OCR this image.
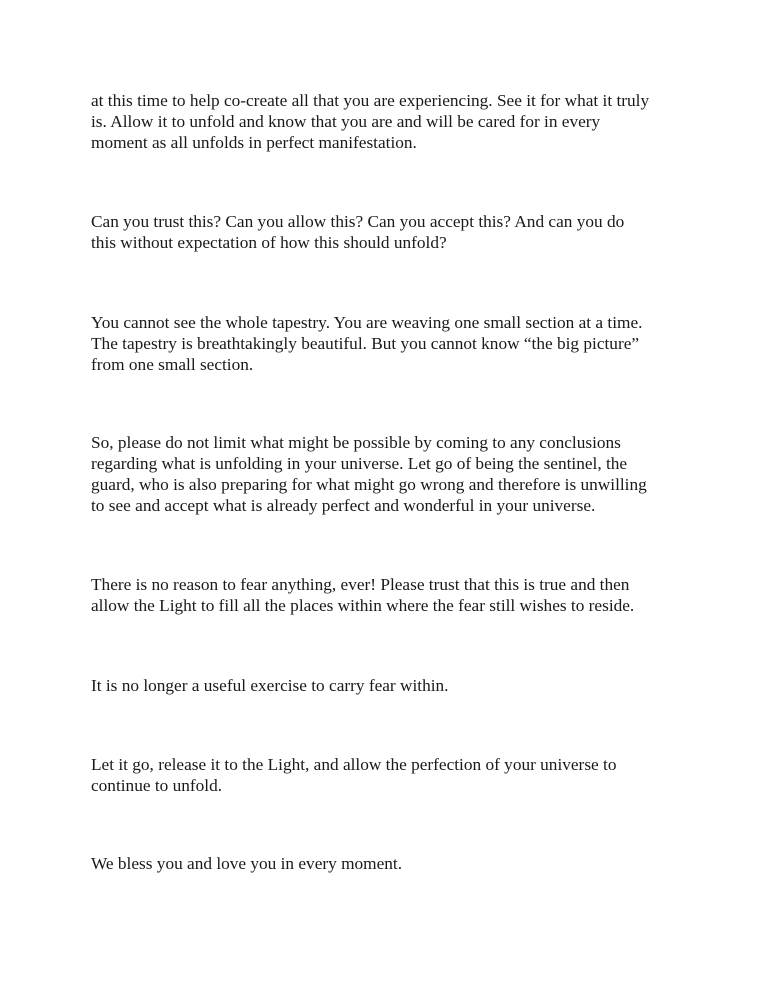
at this time to help co-create all that you are experiencing. See it for what it truly
is. Allow it to unfold and know that you are and will be cared for in every
moment as all unfolds in perfect manifestation.

Can you trust this? Can you allow this? Can you accept this? And can you do
this without expectation of how this should unfold?

You cannot see the whole tapestry. You are weaving one small section at a time.
The tapestry is breathtakingly beautiful. But you cannot know “the big picture”
from one small section.

So, please do not limit what might be possible by coming to any conclusions
regarding what is unfolding in your universe. Let go of being the sentinel, the
guard, who is also preparing for what might go wrong and therefore is unwilling
to see and accept what is already perfect and wonderful in your universe.

There is no reason to fear anything, ever! Please trust that this is true and then
allow the Light to fill all the places within where the fear still wishes to reside.

It is no longer a useful exercise to carry fear within.

Let it go, release it to the Light, and allow the perfection of your universe to
continue to unfold.

We bless you and love you in every moment.
